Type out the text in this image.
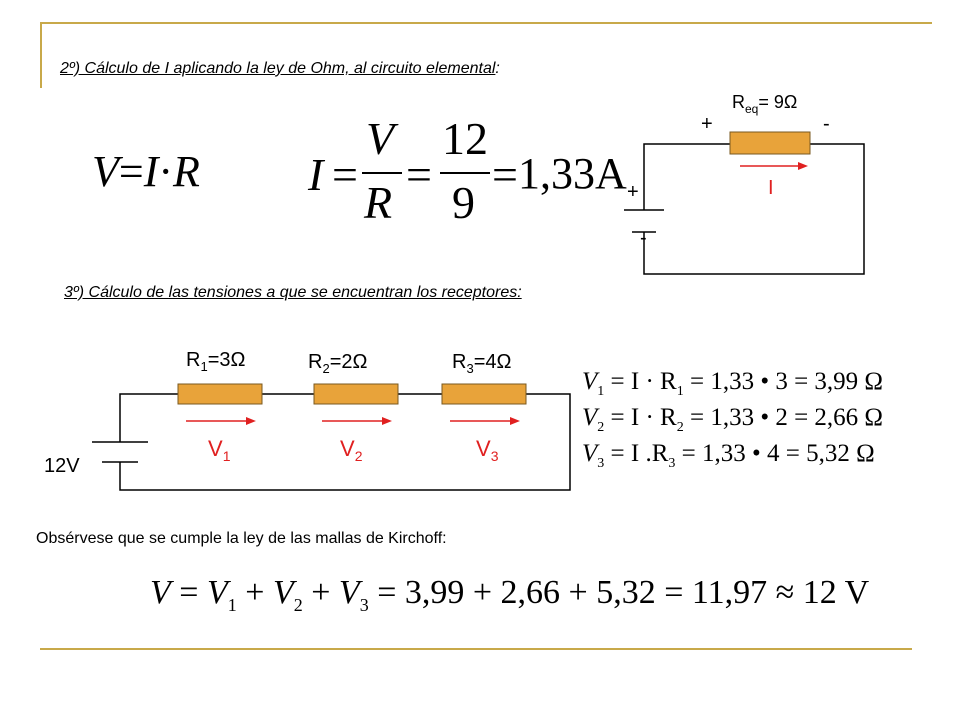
2º) Cálculo de I aplicando la ley de Ohm, al circuito elemental:
V=I·R I =
V
R
=
12
9
= 1,33A
$R_{eq}= 9\Omega$
+	-
+
-
I
3º) Cálculo de las tensiones a que se encuentran los receptores:
$R_1=3\Omega$	$R_2=2\Omega$	$R_3=4\Omega$
$V_1$	$V_2$	$V_3$
12V
$V_1 = I \cdot R_1 = 1,33$ • 3 = 3,99 Ω
$V_2 = I \cdot R_2 = 1,33$ • 2 = 2,66 Ω
$V_3 = I$ $.R_3 = 1,33$ • 4 = 5,32 Ω
Obsérvese que se cumple la ley de las mallas de Kirchoff:
$V = V_1 + V_2 + V_3 = 3,99 + 2,66 + 5,32 = 11,97 \approx 12$ V
